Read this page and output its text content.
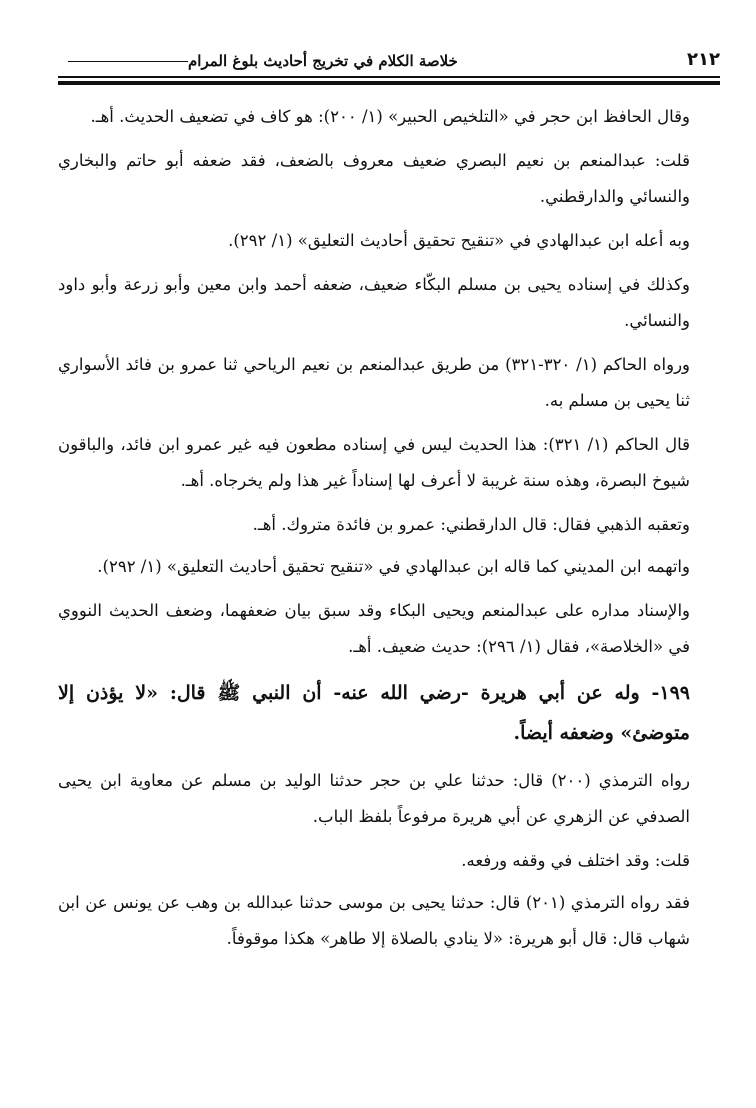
٢١٢
خلاصة الكلام في تخريج أحاديث بلوغ المرام

وقال الحافظ ابن حجر في «التلخيص الحبير» (١/ ٢٠٠): هو كاف في تضعيف الحديث. أهـ.

قلت: عبدالمنعم بن نعيم البصري ضعيف معروف بالضعف، فقد ضعفه أبو حاتم والبخاري والنسائي والدارقطني.

وبه أعله ابن عبدالهادي في «تنقيح تحقيق أحاديث التعليق» (١/ ٢٩٢).

وكذلك في إسناده يحيى بن مسلم البكّاء ضعيف، ضعفه أحمد وابن معين وأبو زرعة وأبو داود والنسائي.

ورواه الحاكم (١/ ٣٢٠-٣٢١) من طريق عبدالمنعم بن نعيم الرياحي ثنا عمرو بن فائد الأسواري ثنا يحيى بن مسلم به.

قال الحاكم (١/ ٣٢١): هذا الحديث ليس في إسناده مطعون فيه غير عمرو ابن فائد، والباقون شيوخ البصرة، وهذه سنة غريبة لا أعرف لها إسناداً غير هذا ولم يخرجاه. أهـ.

وتعقبه الذهبي فقال: قال الدارقطني: عمرو بن فائدة متروك. أهـ.

واتهمه ابن المديني كما قاله ابن عبدالهادي في «تنقيح تحقيق أحاديث التعليق» (١/ ٢٩٢).

والإسناد مداره على عبدالمنعم ويحيى البكاء وقد سبق بيان ضعفهما، وضعف الحديث النووي في «الخلاصة»، فقال (١/ ٢٩٦): حديث ضعيف. أهـ.

١٩٩- وله عن أبي هريرة -رضي الله عنه- أن النبي ﷺ قال: «لا يؤذن إلا متوضئ» وضعفه أيضاً.

رواه الترمذي (٢٠٠) قال: حدثنا علي بن حجر حدثنا الوليد بن مسلم عن معاوية ابن يحيى الصدفي عن الزهري عن أبي هريرة مرفوعاً بلفظ الباب.

قلت: وقد اختلف في وقفه ورفعه.

فقد رواه الترمذي (٢٠١) قال: حدثنا يحيى بن موسى حدثنا عبدالله بن وهب عن يونس عن ابن شهاب قال: قال أبو هريرة: «لا ينادي بالصلاة إلا طاهر» هكذا موقوفاً.
